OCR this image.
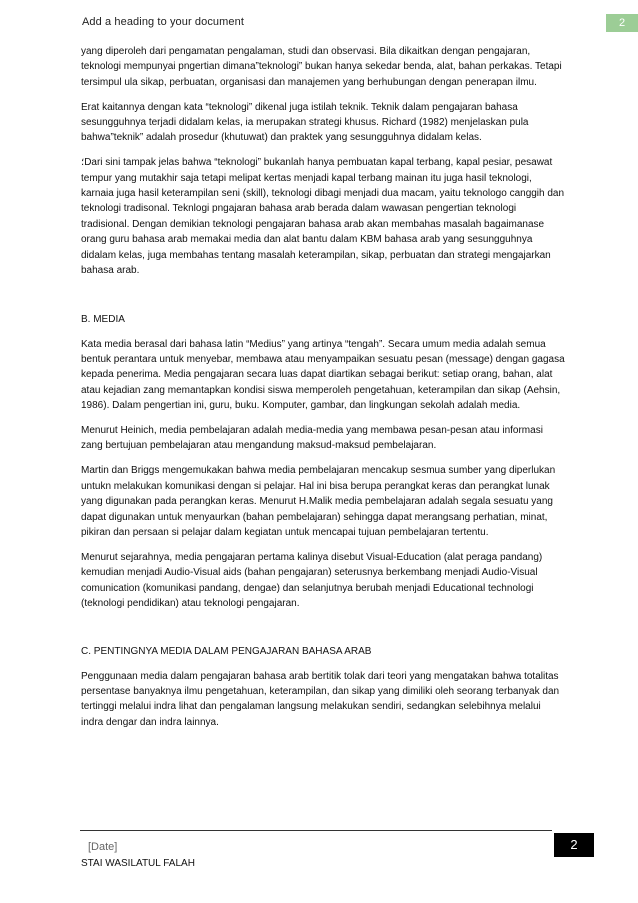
Add a heading to your document	2

yang diperoleh dari pengamatan pengalaman, studi dan observasi. Bila dikaitkan dengan pengajaran, teknologi mempunyai pngertian dimana”teknologi” bukan hanya sekedar benda, alat, bahan perkakas. Tetapi tersimpul ula sikap, perbuatan, organisasi dan manajemen yang berhubungan dengan penerapan ilmu.

Erat kaitannya dengan kata “teknologi” dikenal juga istilah teknik. Teknik dalam pengajaran bahasa sesungguhnya terjadi didalam kelas, ia merupakan strategi khusus. Richard (1982) menjelaskan pula bahwa”teknik” adalah prosedur (khutuwat) dan praktek yang sesungguhnya didalam kelas.

؛Dari sini tampak jelas bahwa “teknologi” bukanlah hanya pembuatan kapal terbang, kapal pesiar, pesawat tempur yang mutakhir saja tetapi melipat kertas menjadi kapal terbang mainan itu juga hasil teknologi, karnaia juga hasil keterampilan seni (skill), teknologi dibagi menjadi dua macam, yaitu teknologo canggih dan teknologi tradisonal. Teknlogi pngajaran bahasa arab berada dalam wawasan pengertian teknologi tradisional. Dengan demikian teknologi pengajaran bahasa arab akan membahas masalah bagaimanase orang guru bahasa arab memakai media dan alat bantu dalam KBM bahasa arab yang sesungguhnya didalam kelas, juga membahas tentang masalah keterampilan, sikap, perbuatan dan strategi mengajarkan bahasa arab.

B. MEDIA

Kata media berasal dari bahasa latin “Medius” yang artinya “tengah”. Secara umum media adalah semua bentuk perantara untuk menyebar, membawa atau menyampaikan sesuatu pesan (message) dengan gagasa kepada penerima. Media pengajaran secara luas dapat diartikan sebagai berikut: setiap orang, bahan, alat atau kejadian zang memantapkan kondisi siswa memperoleh pengetahuan, keterampilan dan sikap (Aehsin, 1986). Dalam pengertian ini, guru, buku. Komputer, gambar, dan lingkungan sekolah adalah media.

Menurut Heinich, media pembelajaran adalah media-media yang membawa pesan-pesan atau informasi zang bertujuan pembelajaran atau mengandung maksud-maksud pembelajaran.

Martin dan Briggs mengemukakan bahwa media pembelajaran mencakup sesmua sumber yang diperlukan untukn melakukan komunikasi dengan si pelajar. Hal ini bisa berupa perangkat keras dan perangkat lunak yang digunakan pada perangkan keras. Menurut H.Malik media pembelajaran adalah segala sesuatu yang dapat digunakan untuk menyaurkan (bahan pembelajaran) sehingga dapat merangsang perhatian, minat, pikiran dan persaan si pelajar dalam kegiatan untuk mencapai tujuan pembelajaran tertentu.

Menurut sejarahnya, media pengajaran pertama kalinya disebut Visual-Education (alat peraga pandang) kemudian menjadi Audio-Visual aids (bahan pengajaran) seterusnya berkembang menjadi Audio-Visual comunication (komunikasi pandang, dengae) dan selanjutnya berubah menjadi Educational technologi (teknologi pendidikan) atau teknologi pengajaran.

C. PENTINGNYA MEDIA DALAM PENGAJARAN BAHASA ARAB

Penggunaan media dalam pengajaran bahasa arab bertitik tolak dari teori yang mengatakan bahwa totalitas persentase banyaknya ilmu pengetahuan, keterampilan, dan sikap yang dimiliki oleh seorang terbanyak dan tertinggi melalui indra lihat dan pengalaman langsung melakukan sendiri, sedangkan selebihnya melalui indra dengar dan indra lainnya.

[Date]	2
STAI WASILATUL FALAH
